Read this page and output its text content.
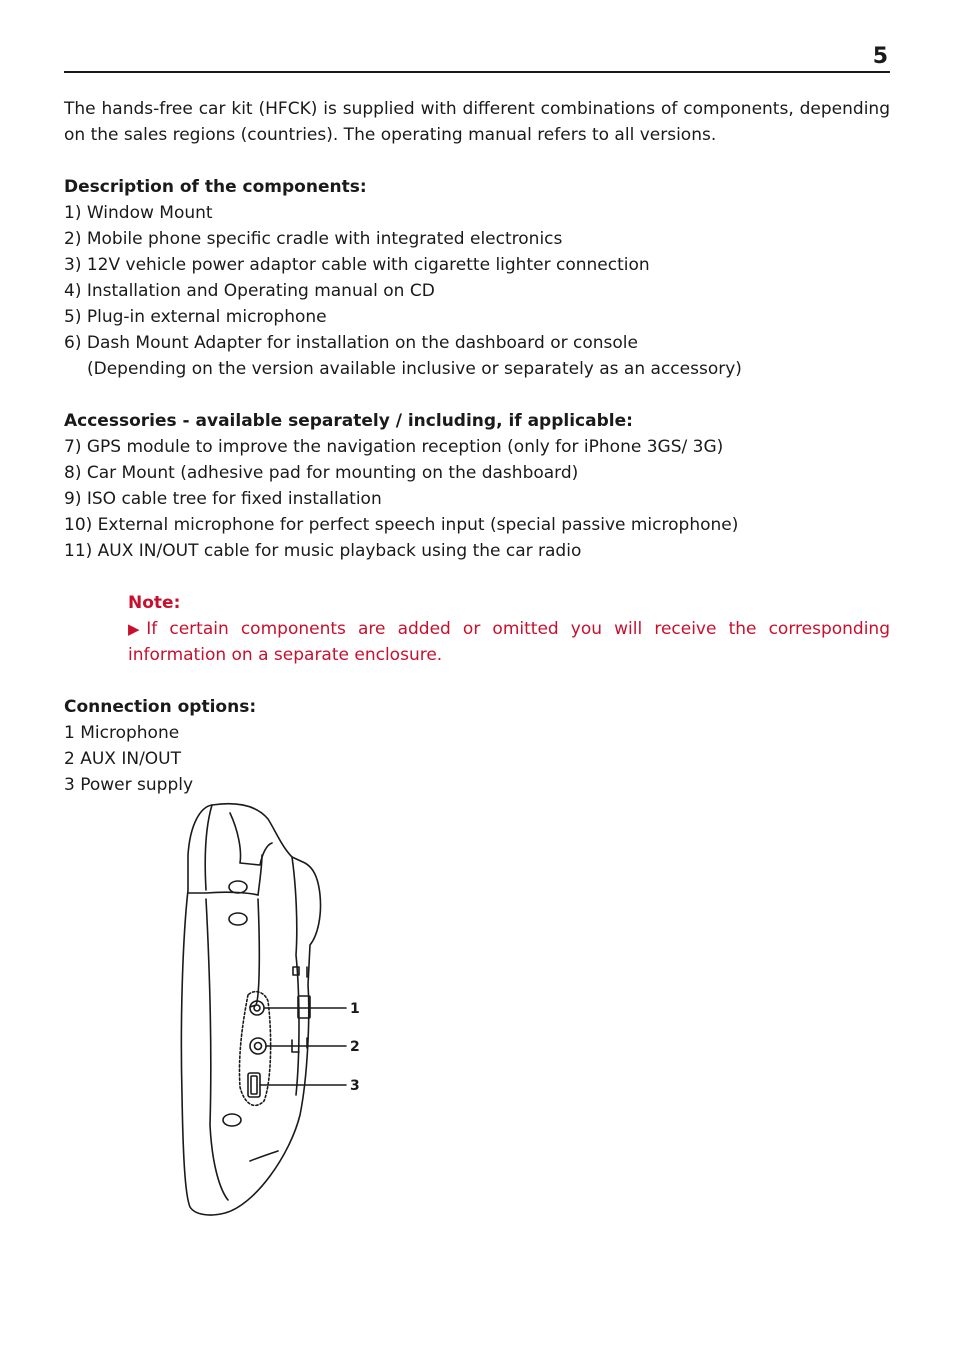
5

The hands-free car kit (HFCK) is supplied with different combinations of components, depending on the sales regions (countries). The operating manual refers to all versions.

Description of the components:
1) Window Mount
2) Mobile phone specific cradle with integrated electronics
3) 12V vehicle power adaptor cable with cigarette lighter connection
4) Installation and Operating manual on CD
5) Plug-in external microphone
6) Dash Mount Adapter for installation on the dashboard or console
(Depending on the version available inclusive or separately as an accessory)
Accessories - available separately / including, if applicable:
7) GPS module to improve the navigation reception (only for iPhone 3GS/ 3G)
8) Car Mount (adhesive pad for mounting on the dashboard)
9) ISO cable tree for fixed installation
10) External microphone for perfect speech input (special passive microphone)
11) AUX IN/OUT cable for music playback using the car radio
Note:
▶If certain components are added or omitted you will receive the corresponding information on a separate enclosure.
Connection options:
1 Microphone
2 AUX IN/OUT
3 Power supply
1
2
3
